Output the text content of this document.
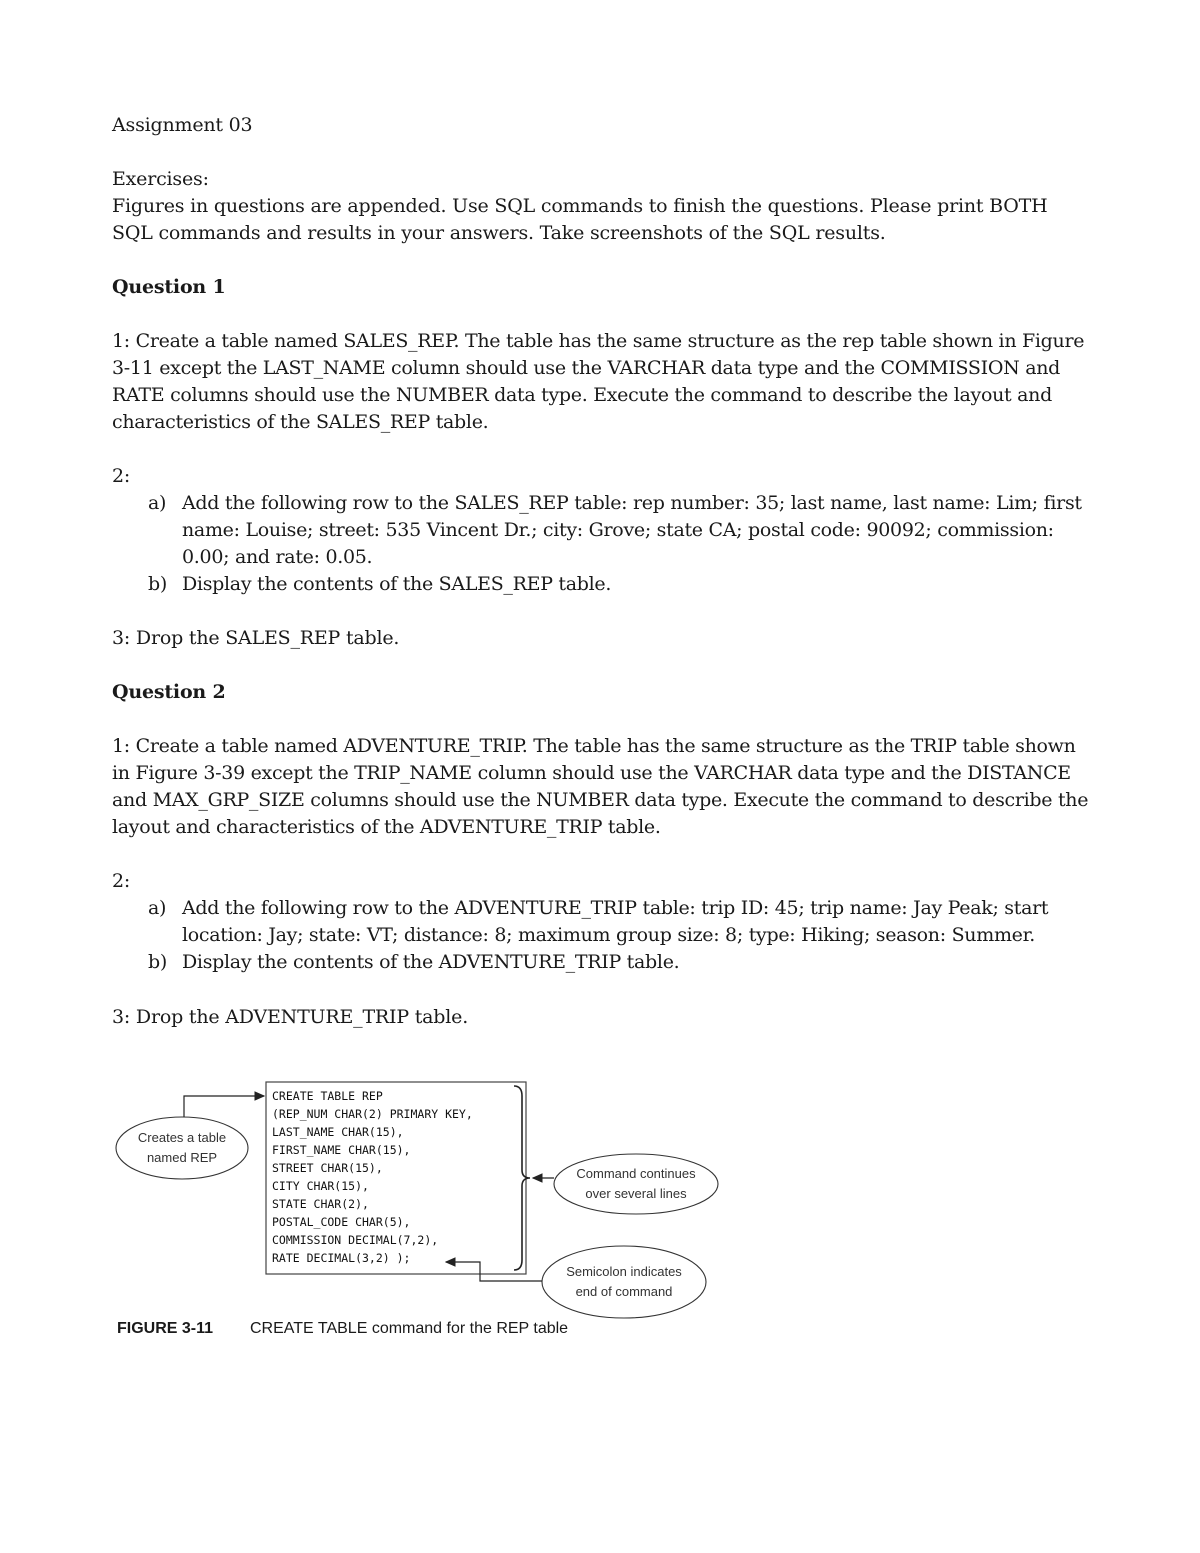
Assignment 03
Exercises:
Figures in questions are appended. Use SQL commands to finish the questions. Please print BOTH
SQL commands and results in your answers. Take screenshots of the SQL results.
Question 1
1: Create a table named SALES_REP. The table has the same structure as the rep table shown in Figure 3-11 except the LAST_NAME column should use the VARCHAR data type and the COMMISSION and RATE columns should use the NUMBER data type. Execute the command to describe the layout and characteristics of the SALES_REP table.
2:
a) Add the following row to the SALES_REP table: rep number: 35; last name, last name: Lim; first name: Louise; street: 535 Vincent Dr.; city: Grove; state CA; postal code: 90092; commission: 0.00; and rate: 0.05.
b) Display the contents of the SALES_REP table.
3: Drop the SALES_REP table.
Question 2
1: Create a table named ADVENTURE_TRIP. The table has the same structure as the TRIP table shown in Figure 3-39 except the TRIP_NAME column should use the VARCHAR data type and the DISTANCE and MAX_GRP_SIZE columns should use the NUMBER data type. Execute the command to describe the layout and characteristics of the ADVENTURE_TRIP table.
2:
a) Add the following row to the ADVENTURE_TRIP table: trip ID: 45; trip name: Jay Peak; start location: Jay; state: VT; distance: 8; maximum group size: 8; type: Hiking; season: Summer.
b) Display the contents of the ADVENTURE_TRIP table.
3: Drop the ADVENTURE_TRIP table.
CREATE TABLE REP
(REP_NUM CHAR(2) PRIMARY KEY,
LAST_NAME CHAR(15),
FIRST_NAME CHAR(15),
STREET CHAR(15),
CITY CHAR(15),
STATE CHAR(2),
POSTAL_CODE CHAR(5),
COMMISSION DECIMAL(7,2),
RATE DECIMAL(3,2) );
Creates a table
named REP
Command continues
over several lines
Semicolon indicates
end of command
FIGURE 3-11 CREATE TABLE command for the REP table
